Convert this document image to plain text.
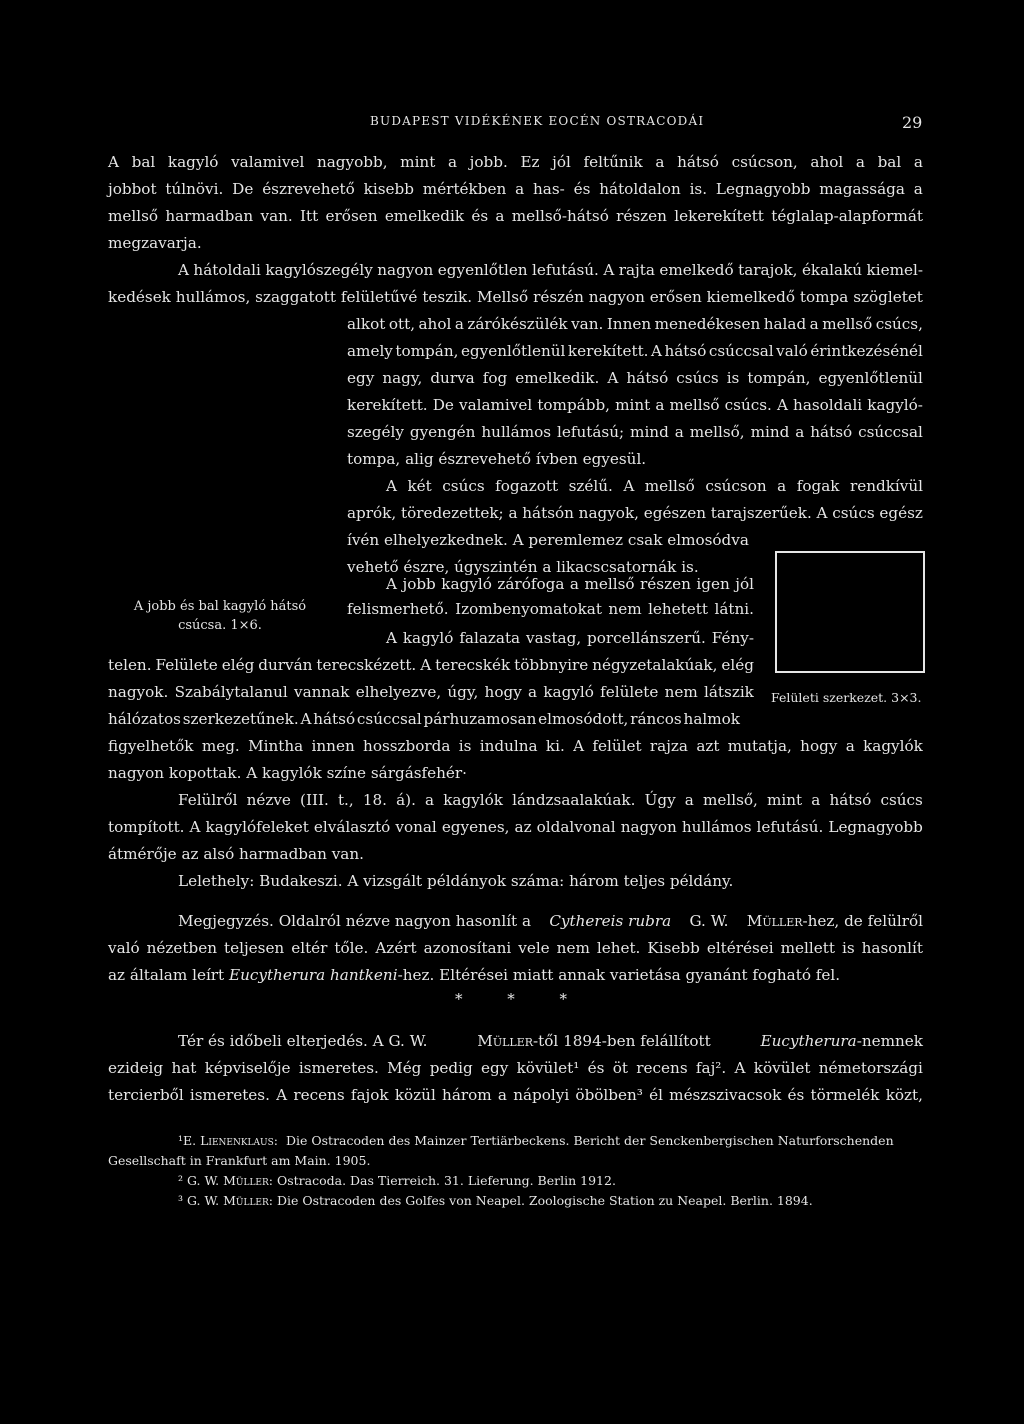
BUDAPEST VIDÉKÉNEK EOCÉN OSTRACODÁI	29
A bal kagyló valamivel nagyobb, mint a jobb. Ez jól feltűnik a hátsó csúcson, ahol a bal a
jobbot túlnövi. De észrevehető kisebb mértékben a has- és hátoldalon is. Legnagyobb magassága a
mellső harmadban van. Itt erősen emelkedik és a mellső-hátsó részen lekerekített téglalap-alapformát
megzavarja.
A hátoldali kagylószegély nagyon egyenlőtlen lefutású. A rajta emelkedő tarajok, ékalakú kiemel-
kedések hullámos, szaggatott felületűvé teszik. Mellső részén nagyon erősen kiemelkedő tompa szögletet
alkot ott, ahol a zárókészülék van. Innen menedékesen halad a mellső csúcs,
amely tompán, egyenlőtlenül kerekített. A hátsó csúccsal való érintkezésénél
egy nagy, durva fog emelkedik. A hátsó csúcs is tompán, egyenlőtlenül
kerekített. De valamivel tompább, mint a mellső csúcs. A hasoldali kagyló-
szegély gyengén hullámos lefutású; mind a mellső, mind a hátsó csúccsal
tompa, alig észrevehető ívben egyesül.
A két csúcs fogazott szélű. A mellső csúcson a fogak rendkívül
aprók, töredezettek; a hátsón nagyok, egészen tarajszerűek. A csúcs egész
ívén elhelyezkednek. A peremlemez csak elmosódva
vehető észre, úgyszintén a likacscsatornák is.
A jobb kagyló zárófoga a mellső részen igen jól
felismerhető. Izombenyomatokat nem lehetett látni.
A kagyló falazata vastag, porcellánszerű. Fény-
telen. Felülete elég durván terecskézett. A terecskék többnyire négyzetalakúak, elég
nagyok. Szabálytalanul vannak elhelyezve, úgy, hogy a kagyló felülete nem látszik
hálózatos szerkezetűnek. A hátsó csúccsal párhuzamosan elmosódott, ráncos halmok
figyelhetők meg. Mintha innen hosszborda is indulna ki. A felület rajza azt mutatja, hogy a kagylók
nagyon kopottak. A kagylók színe sárgásfehér·
Felülről nézve (III. t., 18. á). a kagylók lándzsaalakúak. Úgy a mellső, mint a hátsó csúcs
tompított. A kagylófeleket elválasztó vonal egyenes, az oldalvonal nagyon hullámos lefutású. Legnagyobb
átmérője az alsó harmadban van.
Lelethely: Budakeszi. A vizsgált példányok száma: három teljes példány.
Megjegyzés. Oldalról nézve nagyon hasonlít a Cythereis rubra G. W. Müller-hez, de felülről
való nézetben teljesen eltér tőle. Azért azonosítani vele nem lehet. Kisebb eltérései mellett is hasonlít
az általam leírt Eucytherura hantkeni-hez. Eltérései miatt annak varietása gyanánt fogható fel.
* * *
Tér és időbeli elterjedés. A G. W.	Müller-től 1894-ben felállított	Eucytherura-nemnek
ezideig hat képviselője ismeretes. Még pedig egy kövület¹ és öt recens faj². A kövület németországi
tercierből ismeretes. A recens fajok közül három a nápolyi öbölben³ él mészszivacsok és törmelék közt,
A jobb és bal kagyló hátsó
csúcsa. 1×6.
Felületi szerkezet. 3×3.
¹ E. Lienenklaus: Die Ostracoden des Mainzer Tertiärbeckens. Bericht der Senckenbergischen Naturforschenden
Gesellschaft in Frankfurt am Main. 1905.
² G. W. Müller: Ostracoda. Das Tierreich. 31. Lieferung. Berlin 1912.
³ G. W. Müller: Die Ostracoden des Golfes von Neapel. Zoologische Station zu Neapel. Berlin. 1894.
